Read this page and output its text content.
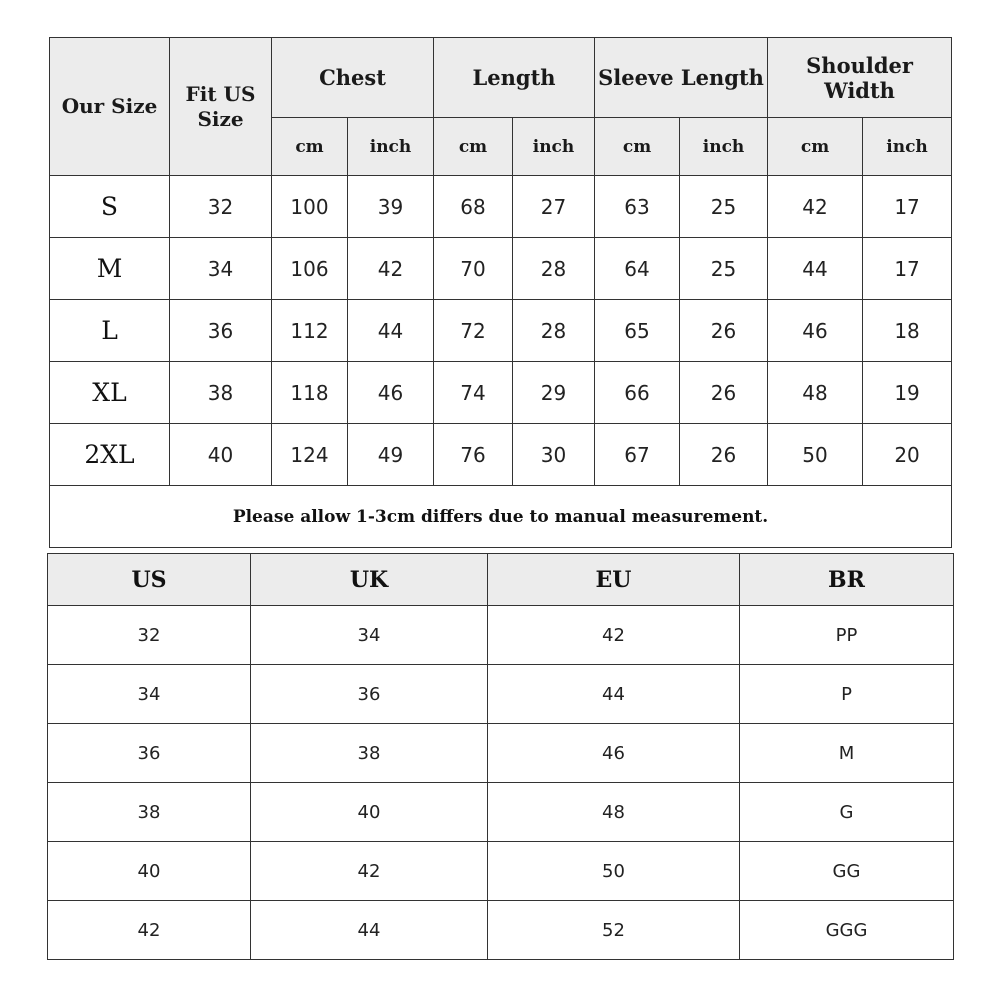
Our Size	Fit US Size	Chest		Length		Sleeve Length		Shoulder Width	
		cm	inch	cm	inch	cm	inch	cm	inch
S	32	100	39	68	27	63	25	42	17
M	34	106	42	70	28	64	25	44	17
L	36	112	44	72	28	65	26	46	18
XL	38	118	46	74	29	66	26	48	19
2XL	40	124	49	76	30	67	26	50	20
Please allow 1-3cm differs due to manual measurement.									
US	UK	EU	BR
32	34	42	PP
34	36	44	P
36	38	46	M
38	40	48	G
40	42	50	GG
42	44	52	GGG
